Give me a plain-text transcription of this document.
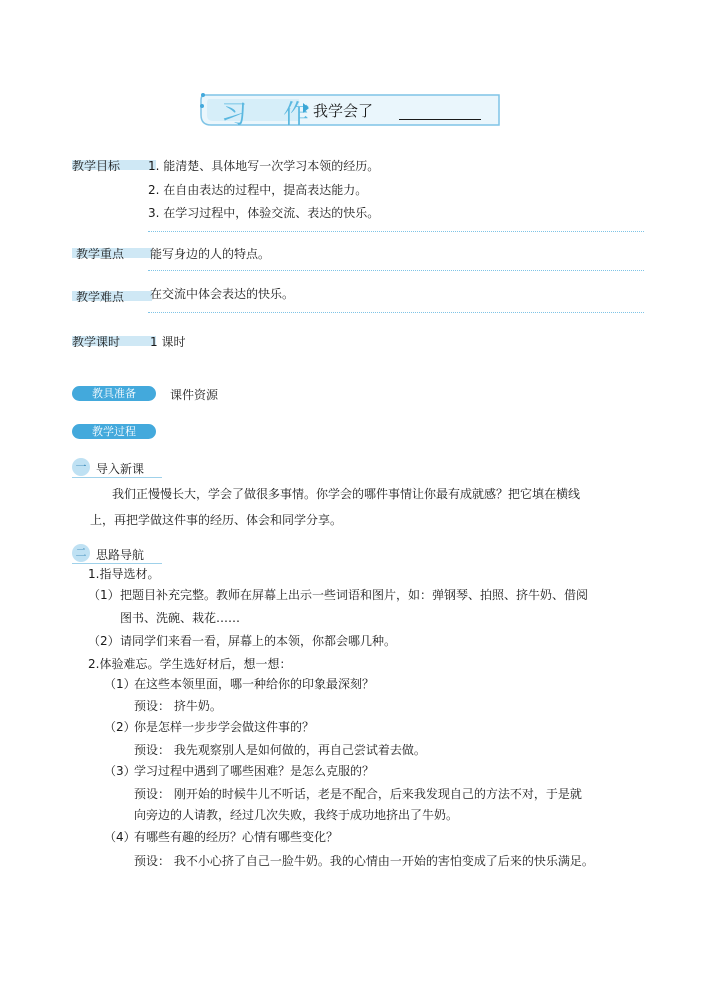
习 作
我学会了
教学目标 1. 能清楚、具体地写一次学习本领的经历。
2. 在自由表达的过程中，提高表达能力。
3. 在学习过程中，体验交流、表达的快乐。
教学重点 能写身边的人的特点。
教学难点 在交流中体会表达的快乐。
教学课时 1 课时
教具准备	课件资源
教学过程
一 导入新课
我们正慢慢长大，学会了做很多事情。你学会的哪件事情让你最有成就感？把它填在横线
上，再把学做这件事的经历、体会和同学分享。
二 思路导航
1.指导选材。
（1） 把题目补充完整。教师在屏幕上出示一些词语和图片，如：弹钢琴、拍照、挤牛奶、借阅
图书、洗碗、栽花……
（2） 请同学们来看一看，屏幕上的本领，你都会哪几种。
2.体验难忘。学生选好材后，想一想：
（1）
在这些本领里面，哪一种给你的印象最深刻？
预设： 挤牛奶。
（2）
你是怎样一步步学会做这件事的？
预设： 我先观察别人是如何做的，再自己尝试着去做。
（3）
学习过程中遇到了哪些困难？是怎么克服的？
预设： 刚开始的时候牛儿不听话，老是不配合，后来我发现自己的方法不对，于是就
向旁边的人请教，经过几次失败，我终于成功地挤出了牛奶。
（4）
有哪些有趣的经历？心情有哪些变化？
预设： 我不小心挤了自己一脸牛奶。我的心情由一开始的害怕变成了后来的快乐满足。
